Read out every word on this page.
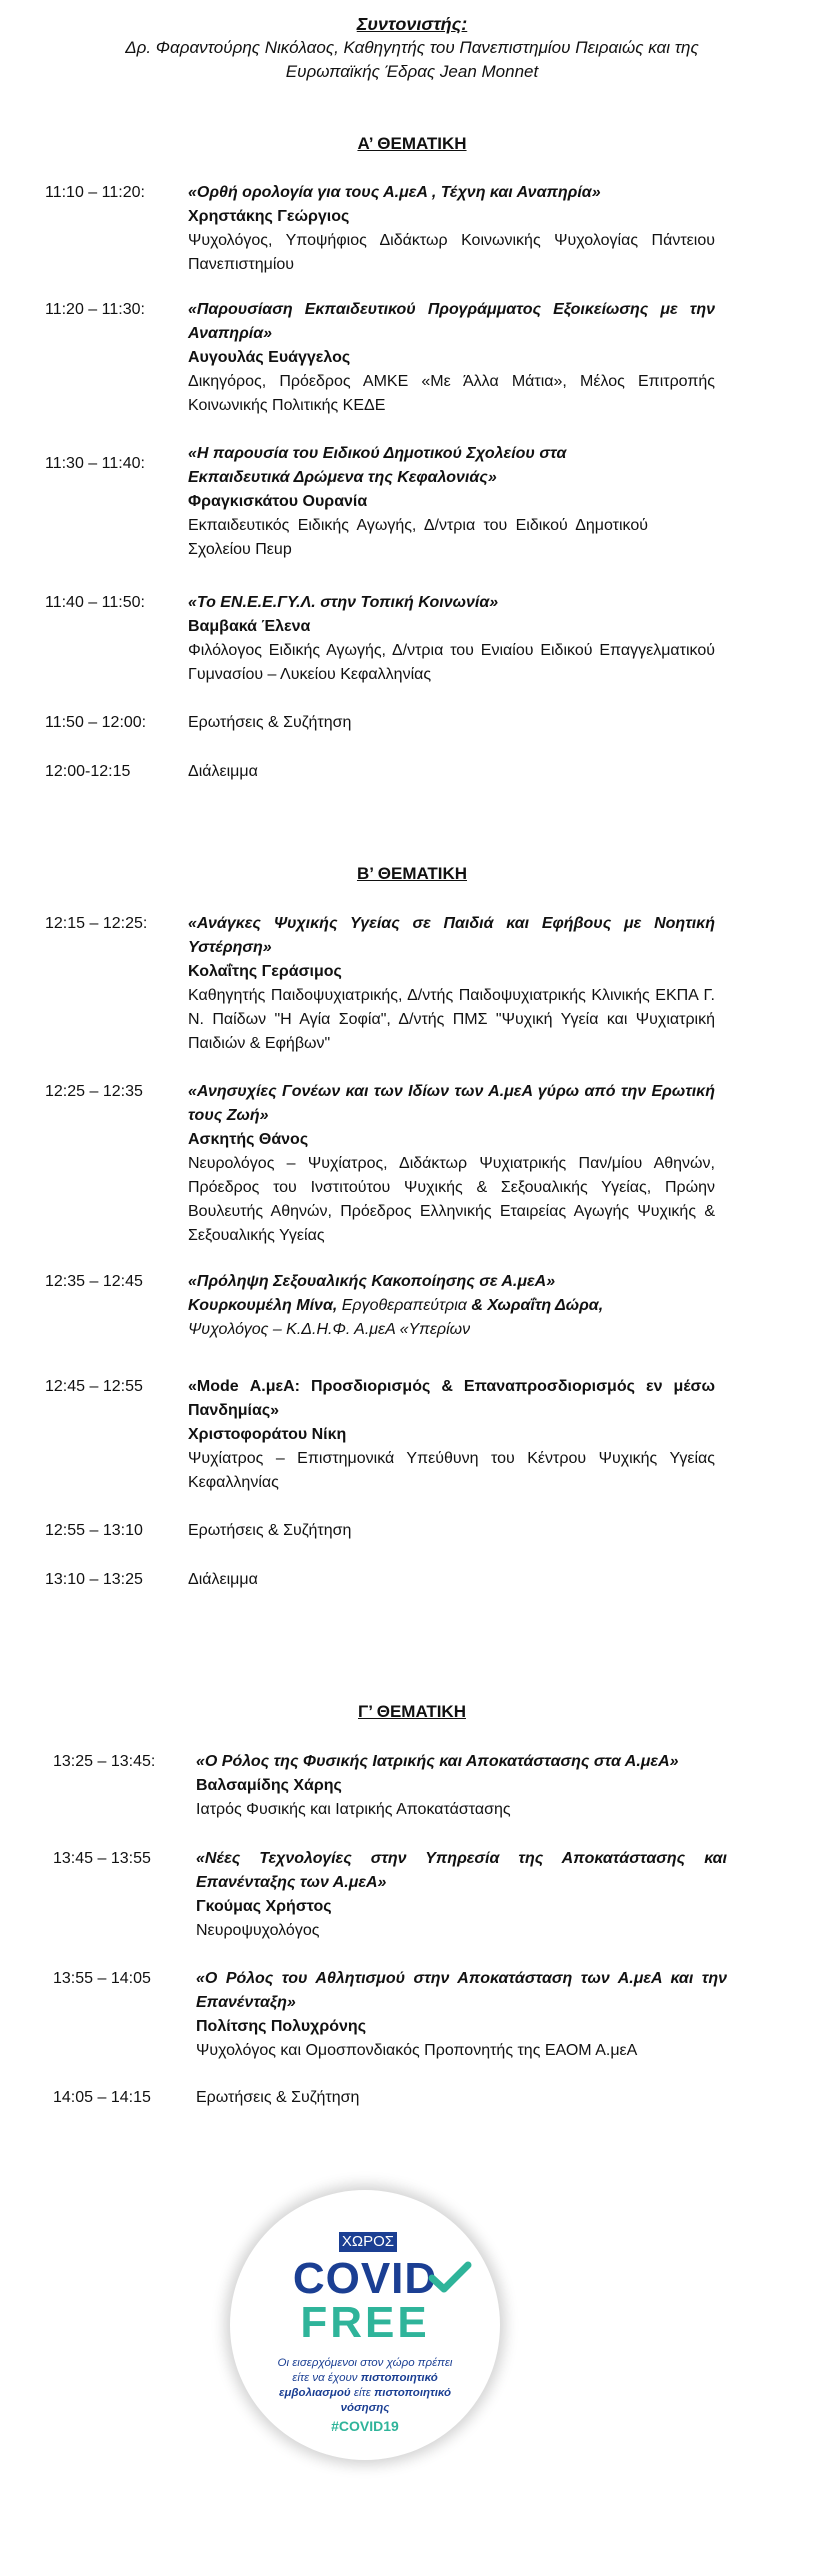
Συντονιστής:
Δρ. Φαραντούρης Νικόλαος, Καθηγητής του Πανεπιστημίου Πειραιώς και της
Ευρωπαϊκής Έδρας Jean Monnet
Α’ ΘΕΜΑΤΙΚΗ
11:10 – 11:20:	«Ορθή ορολογία για τους Α.μεΑ , Τέχνη και Αναπηρία»
Χρηστάκης Γεώργιος
Ψυχολόγος, Υποψήφιος Διδάκτωρ Κοινωνικής Ψυχολογίας Πάντειου Πανεπιστημίου
11:20 – 11:30:	«Παρουσίαση Εκπαιδευτικού Προγράμματος Εξοικείωσης με την Αναπηρία»
Αυγουλάς Ευάγγελος
Δικηγόρος, Πρόεδρος ΑΜΚΕ «Με Άλλα Μάτια», Μέλος Επιτροπής Κοινωνικής Πολιτικής ΚΕΔΕ
11:30 – 11:40:
«Η παρουσία του Ειδικού Δημοτικού Σχολείου στα Εκπαιδευτικά Δρώμενα της Κεφαλονιάς»
Φραγκισκάτου Ουρανία
Εκπαιδευτικός Ειδικής Αγωγής, Δ/ντρια του Ειδικού Δημοτικού Σχολείου Πεup
11:40 – 11:50:	«Το ΕΝ.Ε.Ε.ΓΥ.Λ. στην Τοπική Κοινωνία»
Βαμβακά Έλενα
Φιλόλογος Ειδικής Αγωγής, Δ/ντρια του Ενιαίου Ειδικού Επαγγελματικού Γυμνασίου – Λυκείου Κεφαλληνίας
11:50 – 12:00:	Ερωτήσεις & Συζήτηση
12:00-12:15	Διάλειμμα
Β’ ΘΕΜΑΤΙΚΗ
12:15 – 12:25:	«Ανάγκες Ψυχικής Υγείας σε Παιδιά και Εφήβους με Νοητική Υστέρηση»
Κολαΐτης Γεράσιμος
Καθηγητής Παιδοψυχιατρικής, Δ/ντής Παιδοψυχιατρικής Κλινικής ΕΚΠΑ Γ. Ν. Παίδων "Η Αγία Σοφία", Δ/ντής ΠΜΣ "Ψυχική Υγεία και Ψυχιατρική Παιδιών & Εφήβων"
12:25 – 12:35	«Ανησυχίες Γονέων και των Ιδίων των Α.μεΑ γύρω από την Ερωτική τους Ζωή»
Ασκητής Θάνος
Νευρολόγος – Ψυχίατρος, Διδάκτωρ Ψυχιατρικής Παν/μίου Αθηνών, Πρόεδρος του Ινστιτούτου Ψυχικής & Σεξουαλικής Υγείας, Πρώην Βουλευτής Αθηνών, Πρόεδρος Ελληνικής Εταιρείας Αγωγής Ψυχικής & Σεξουαλικής Υγείας
12:35 – 12:45	«Πρόληψη Σεξουαλικής Κακοποίησης σε Α.μεΑ»
Κουρκουμέλη Μίνα, Εργοθεραπεύτρια & Χωραΐτη Δώρα,
Ψυχολόγος – Κ.Δ.Η.Φ. Α.μεΑ «Υπερίων
12:45 – 12:55	«Mode Α.μεΑ: Προσδιορισμός & Επαναπροσδιορισμός εν μέσω Πανδημίας»
Χριστοφοράτου Νίκη
Ψυχίατρος – Επιστημονικά Υπεύθυνη του Κέντρου Ψυχικής Υγείας Κεφαλληνίας
12:55 – 13:10	Ερωτήσεις & Συζήτηση
13:10 – 13:25	Διάλειμμα
Γ’ ΘΕΜΑΤΙΚΗ
13:25 – 13:45:	«Ο Ρόλος της Φυσικής Ιατρικής και Αποκατάστασης στα Α.μεΑ»
Βαλσαμίδης Χάρης
Ιατρός Φυσικής και Ιατρικής Αποκατάστασης
13:45 – 13:55	«Νέες Τεχνολογίες στην Υπηρεσία της Αποκατάστασης και Επανένταξης των Α.μεΑ»
Γκούμας Χρήστος
Νευροψυχολόγος
13:55 – 14:05	«Ο Ρόλος του Αθλητισμού στην Αποκατάσταση των Α.μεΑ και την Επανένταξη»
Πολίτσης Πολυχρόνης
Ψυχολόγος και Ομοσπονδιακός Προπονητής της ΕΑΟΜ Α.μεΑ
14:05 – 14:15	Ερωτήσεις & Συζήτηση
ΧΩΡΟΣ
COVID
FREE
Οι εισερχόμενοι στον χώρο πρέπει
είτε να έχουν πιστοποιητικό
εμβολιασμού είτε πιστοποιητικό
νόσησης
#COVID19
